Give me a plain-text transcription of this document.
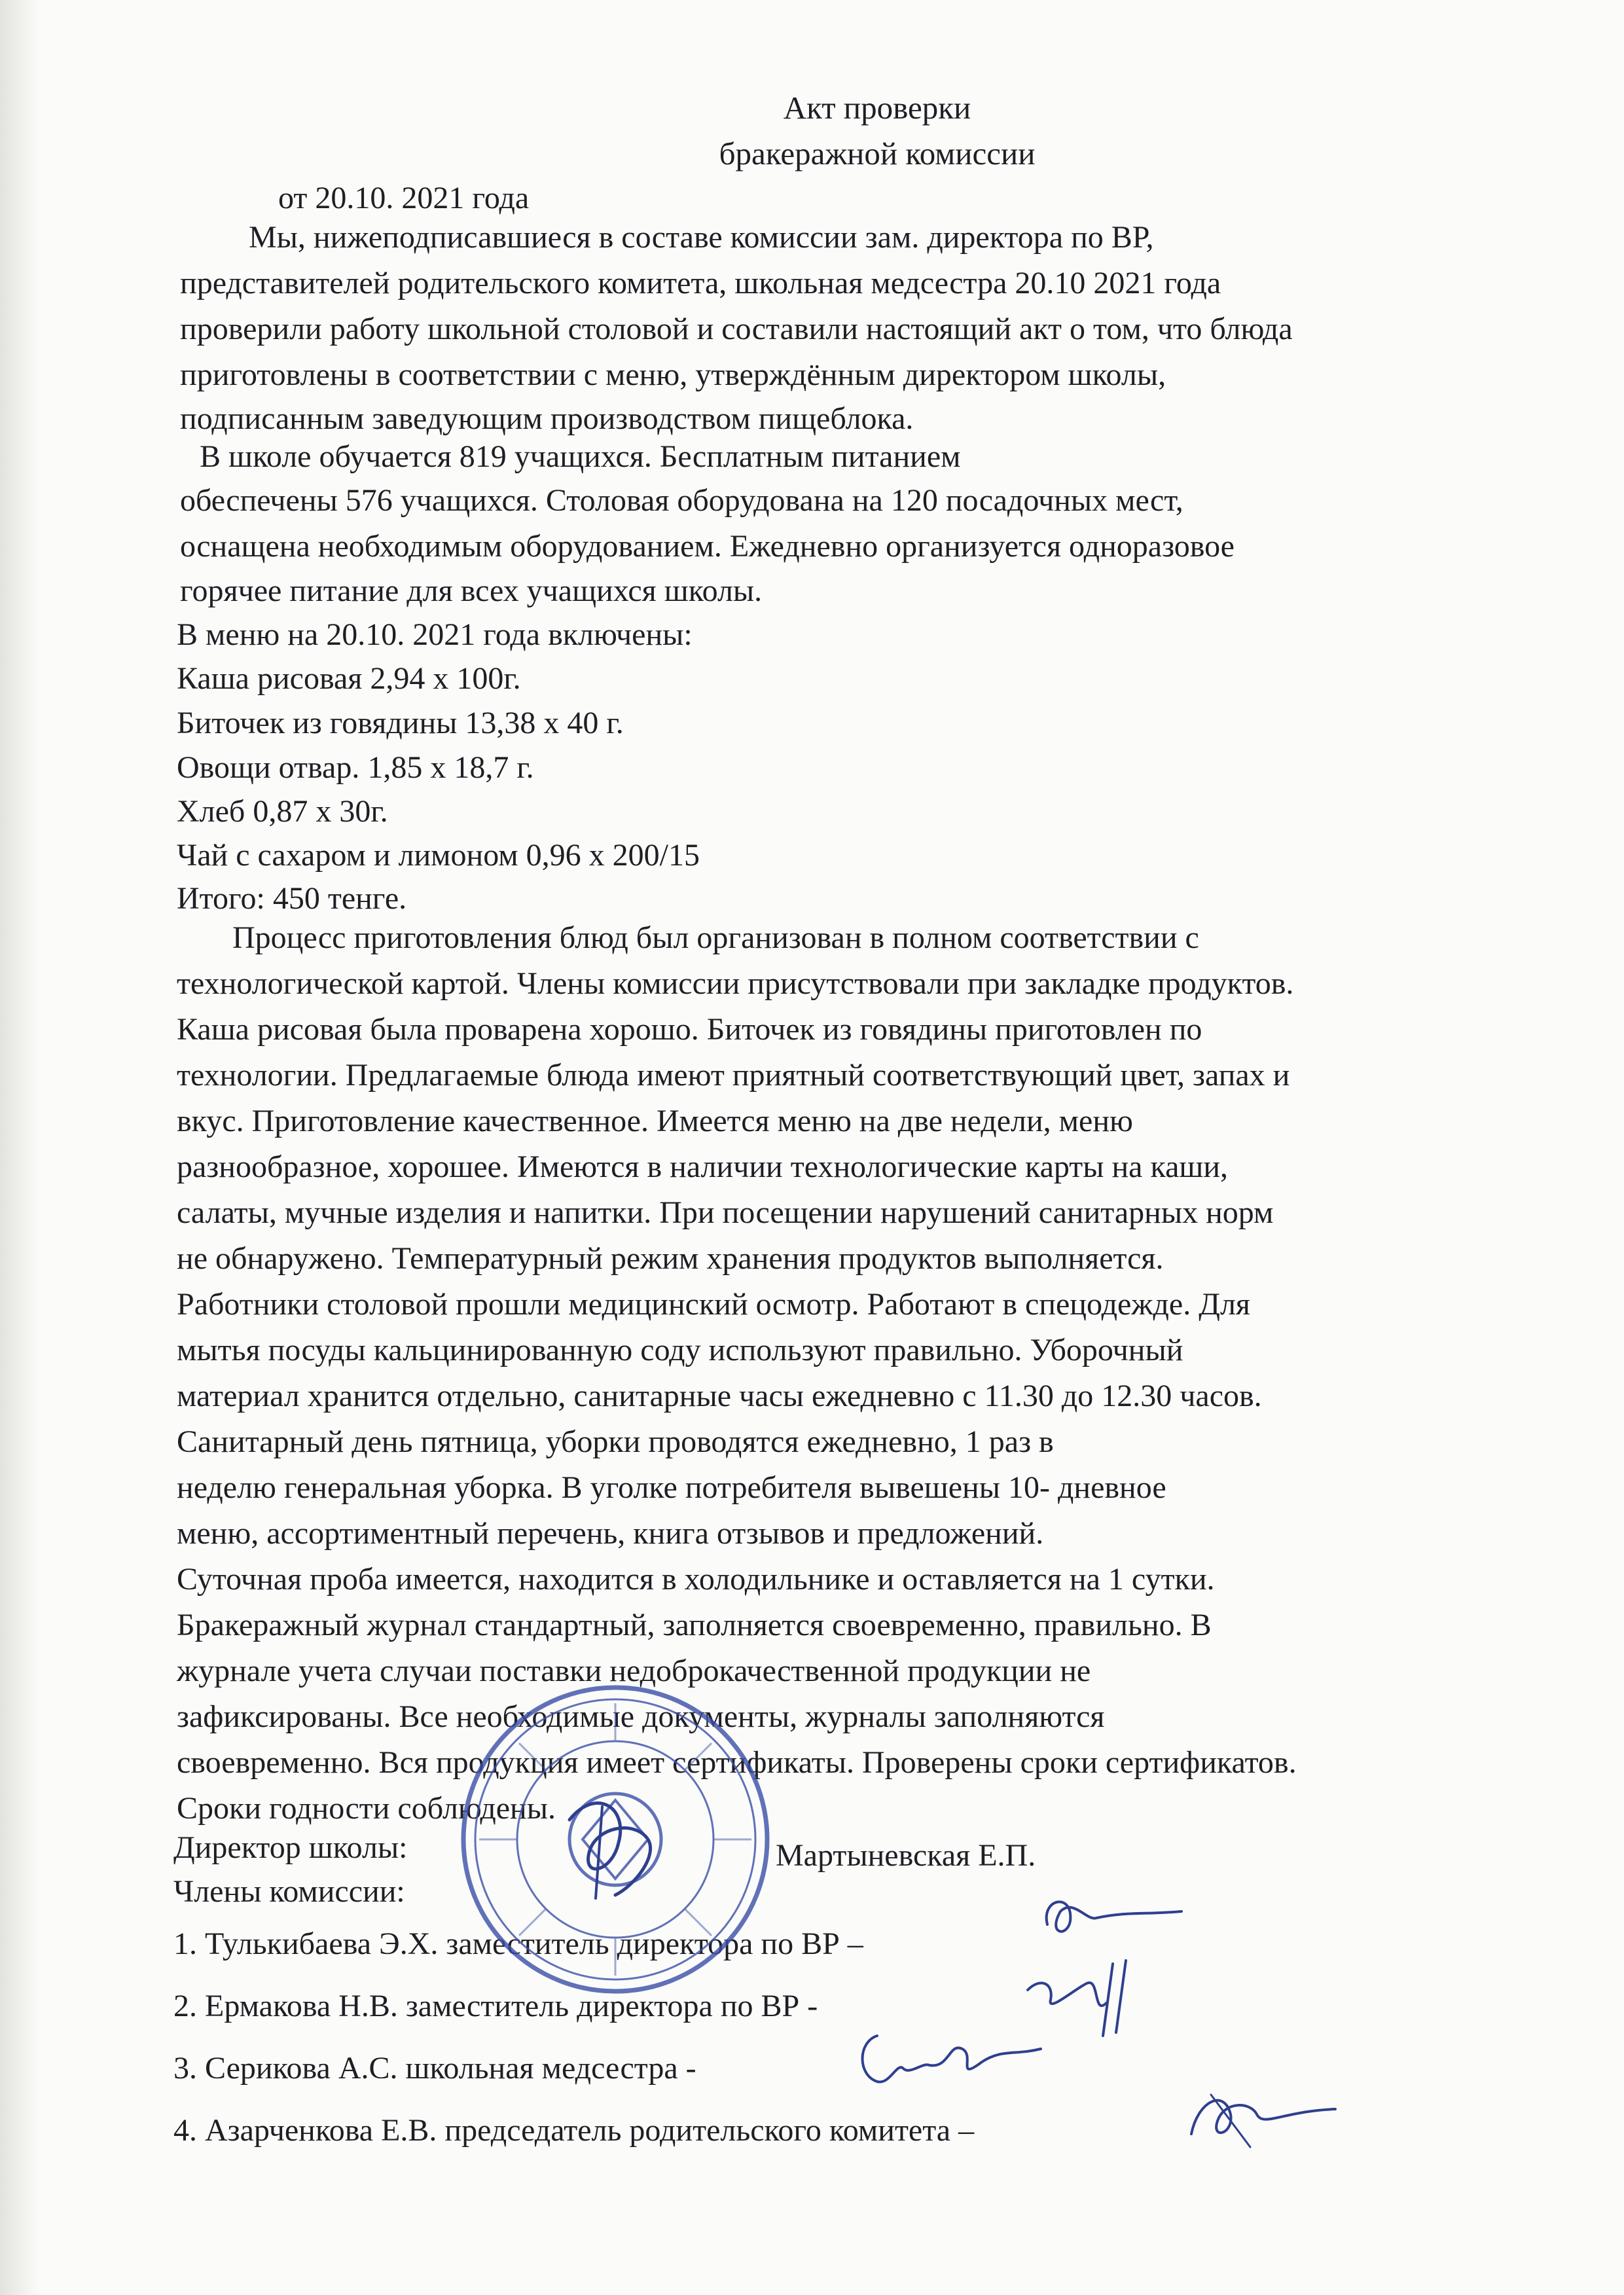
Акт проверки
бракеражной комиссии
от 20.10. 2021 года
Мы, нижеподписавшиеся в составе комиссии зам. директора по ВР,
представителей родительского комитета, школьная медсестра 20.10 2021 года
проверили работу школьной столовой и составили настоящий акт о том, что блюда
приготовлены в соответствии с меню, утверждённым директором школы,
подписанным заведующим производством пищеблока.
В школе обучается 819 учащихся. Бесплатным питанием
обеспечены 576 учащихся. Столовая оборудована на 120 посадочных мест,
оснащена необходимым оборудованием. Ежедневно организуется одноразовое
горячее питание для всех учащихся школы.
В меню на 20.10. 2021 года включены:
Каша рисовая 2,94 х 100г.
Биточек из говядины 13,38 х 40 г.
Овощи отвар. 1,85 х 18,7 г.
Хлеб 0,87 х 30г.
Чай с сахаром и лимоном 0,96 х 200/15
Итого: 450 тенге.
Процесс приготовления блюд был организован в полном соответствии с
технологической картой. Члены комиссии присутствовали при закладке продуктов.
Каша рисовая была проварена хорошо. Биточек из говядины приготовлен по
технологии. Предлагаемые блюда имеют приятный соответствующий цвет, запах и
вкус. Приготовление качественное. Имеется меню на две недели, меню
разнообразное, хорошее. Имеются в наличии технологические карты на каши,
салаты, мучные изделия и напитки. При посещении нарушений санитарных норм
не обнаружено. Температурный режим хранения продуктов выполняется.
Работники столовой прошли медицинский осмотр. Работают в спецодежде. Для
мытья посуды кальцинированную соду используют правильно. Уборочный
материал хранится отдельно, санитарные часы ежедневно с 11.30 до 12.30 часов.
Санитарный день пятница, уборки проводятся ежедневно, 1 раз в
неделю генеральная уборка. В уголке потребителя вывешены 10- дневное
меню, ассортиментный перечень, книга отзывов и предложений.
Суточная проба имеется, находится в холодильнике и оставляется на 1 сутки.
Бракеражный журнал стандартный, заполняется своевременно, правильно. В
журнале учета случаи поставки недоброкачественной продукции не
зафиксированы. Все необходимые документы, журналы заполняются
своевременно. Вся продукция имеет сертификаты. Проверены сроки сертификатов.
Сроки годности соблюдены.
Директор школы:	Мартыневская Е.П.
Члены комиссии:
1. Тулькибаева Э.Х. заместитель директора по ВР –
2. Ермакова Н.В. заместитель директора по ВР -
3. Серикова А.С. школьная медсестра -
4. Азарченкова Е.В. председатель родительского комитета –
